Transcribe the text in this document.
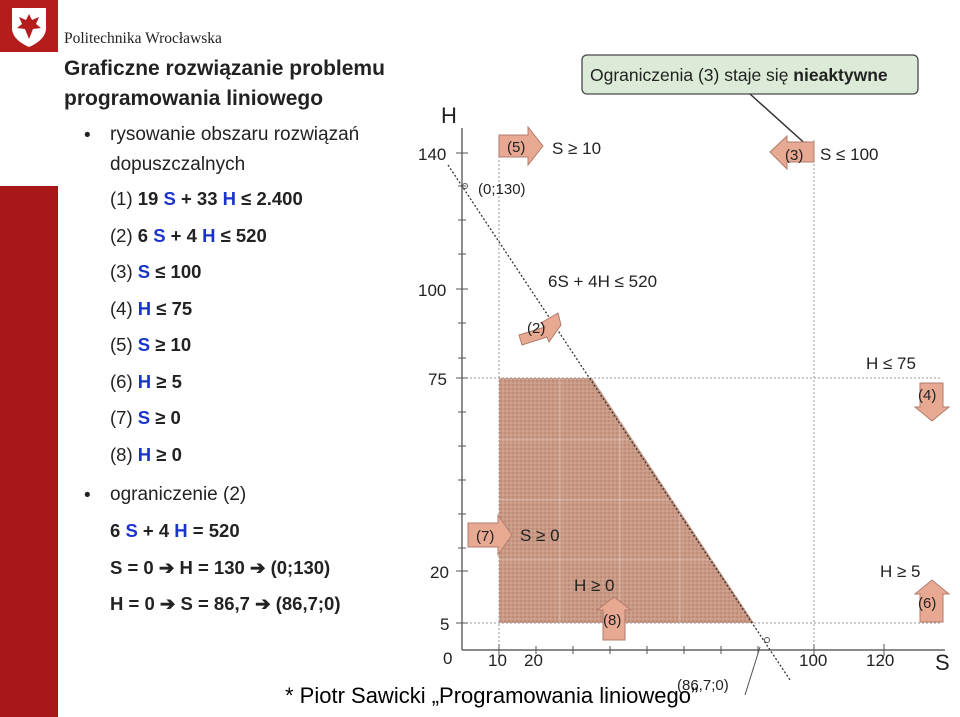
Politechnika Wrocławska
Graficzne rozwiązanie problemu
programowania liniowego
• rysowanie obszaru rozwiązań
dopuszczalnych
(1) 19 S + 33 H ≤ 2.400
(2) 6 S + 4 H ≤ 520
(3) S ≤ 100
(4) H ≤ 75
(5) S ≥ 10
(6) H ≥ 5
(7) S ≥ 0
(8) H ≥ 0
• ograniczenie (2)
6 S + 4 H = 520
S = 0 ➔ H = 130 ➔ (0;130)
H = 0 ➔ S = 86,7 ➔ (86,7;0)
H
S
140
100
75
20
5
0 10 20	100 120
(0;130)
(86,7;0)
Ograniczenia (3) staje się nieaktywne
(5) S ≥ 10	(3) S ≤ 100
6S + 4H ≤ 520
(2)
H ≤ 75
(4)
(7) S ≥ 0
H ≥ 0
(8)
H ≥ 5
(6)
* Piotr Sawicki „Programowania liniowego”
